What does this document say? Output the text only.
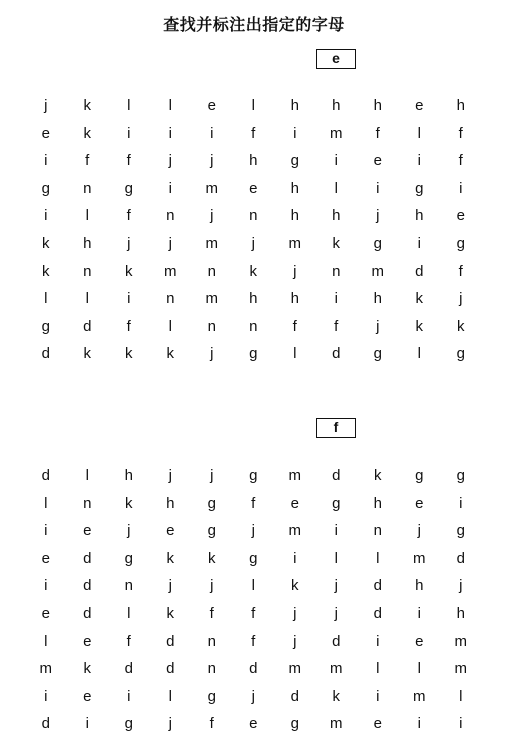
查找并标注出指定的字母
e
j	k	l	l	e	l	h	h	h	e	h
e	k	i	i	i	f	i	m	f	l	f
i	f	f	j	j	h	g	i	e	i	f
g	n	g	i	m	e	h	l	i	g	i
i	l	f	n	j	n	h	h	j	h	e
k	h	j	j	m	j	m	k	g	i	g
k	n	k	m	n	k	j	n	m	d	f
l	l	i	n	m	h	h	i	h	k	j
g	d	f	l	n	n	f	f	j	k	k
d	k	k	k	j	g	l	d	g	l	g
f
d	l	h	j	j	g	m	d	k	g	g
l	n	k	h	g	f	e	g	h	e	i
i	e	j	e	g	j	m	i	n	j	g
e	d	g	k	k	g	i	l	l	m	d
i	d	n	j	j	l	k	j	d	h	j
e	d	l	k	f	f	j	j	d	i	h
l	e	f	d	n	f	j	d	i	e	m
m	k	d	d	n	d	m	m	l	l	m
i	e	i	l	g	j	d	k	i	m	l
d	i	g	j	f	e	g	m	e	i	i
